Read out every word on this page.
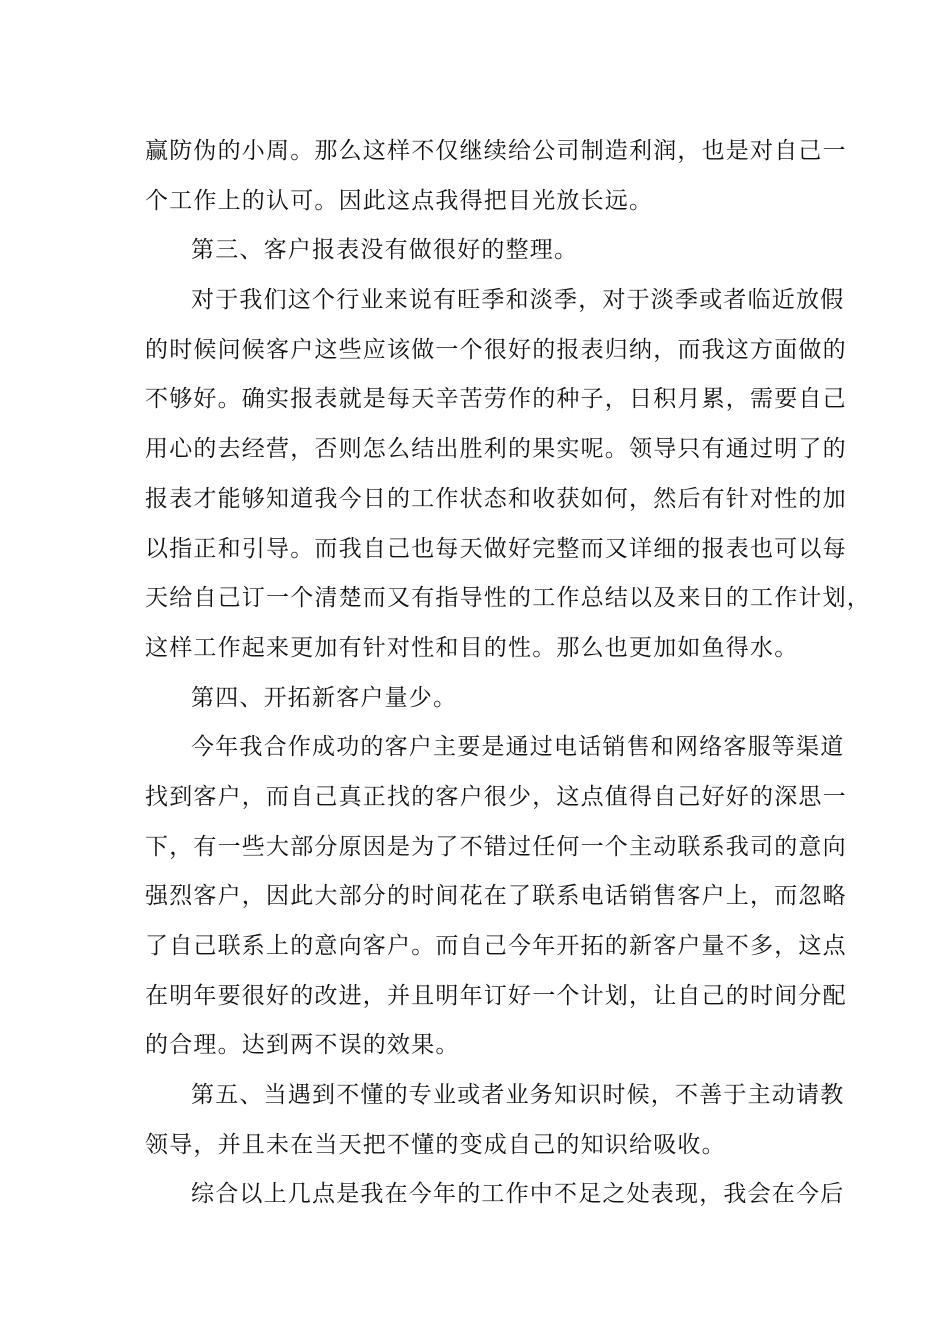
赢防伪的小周。那么这样不仅继续给公司制造利润，也是对自己一
个工作上的认可。因此这点我得把目光放长远。
第三、客户报表没有做很好的整理。
对于我们这个行业来说有旺季和淡季，对于淡季或者临近放假
的时候问候客户这些应该做一个很好的报表归纳，而我这方面做的
不够好。确实报表就是每天辛苦劳作的种子，日积月累，需要自己
用心的去经营，否则怎么结出胜利的果实呢。领导只有通过明了的
报表才能够知道我今日的工作状态和收获如何，然后有针对性的加
以指正和引导。而我自己也每天做好完整而又详细的报表也可以每
天给自己订一个清楚而又有指导性的工作总结以及来日的工作计划，
这样工作起来更加有针对性和目的性。那么也更加如鱼得水。
第四、开拓新客户量少。
今年我合作成功的客户主要是通过电话销售和网络客服等渠道
找到客户，而自己真正找的客户很少，这点值得自己好好的深思一
下，有一些大部分原因是为了不错过任何一个主动联系我司的意向
强烈客户，因此大部分的时间花在了联系电话销售客户上，而忽略
了自己联系上的意向客户。而自己今年开拓的新客户量不多，这点
在明年要很好的改进，并且明年订好一个计划，让自己的时间分配
的合理。达到两不误的效果。
第五、当遇到不懂的专业或者业务知识时候，不善于主动请教
领导，并且未在当天把不懂的变成自己的知识给吸收。
综合以上几点是我在今年的工作中不足之处表现，我会在今后
